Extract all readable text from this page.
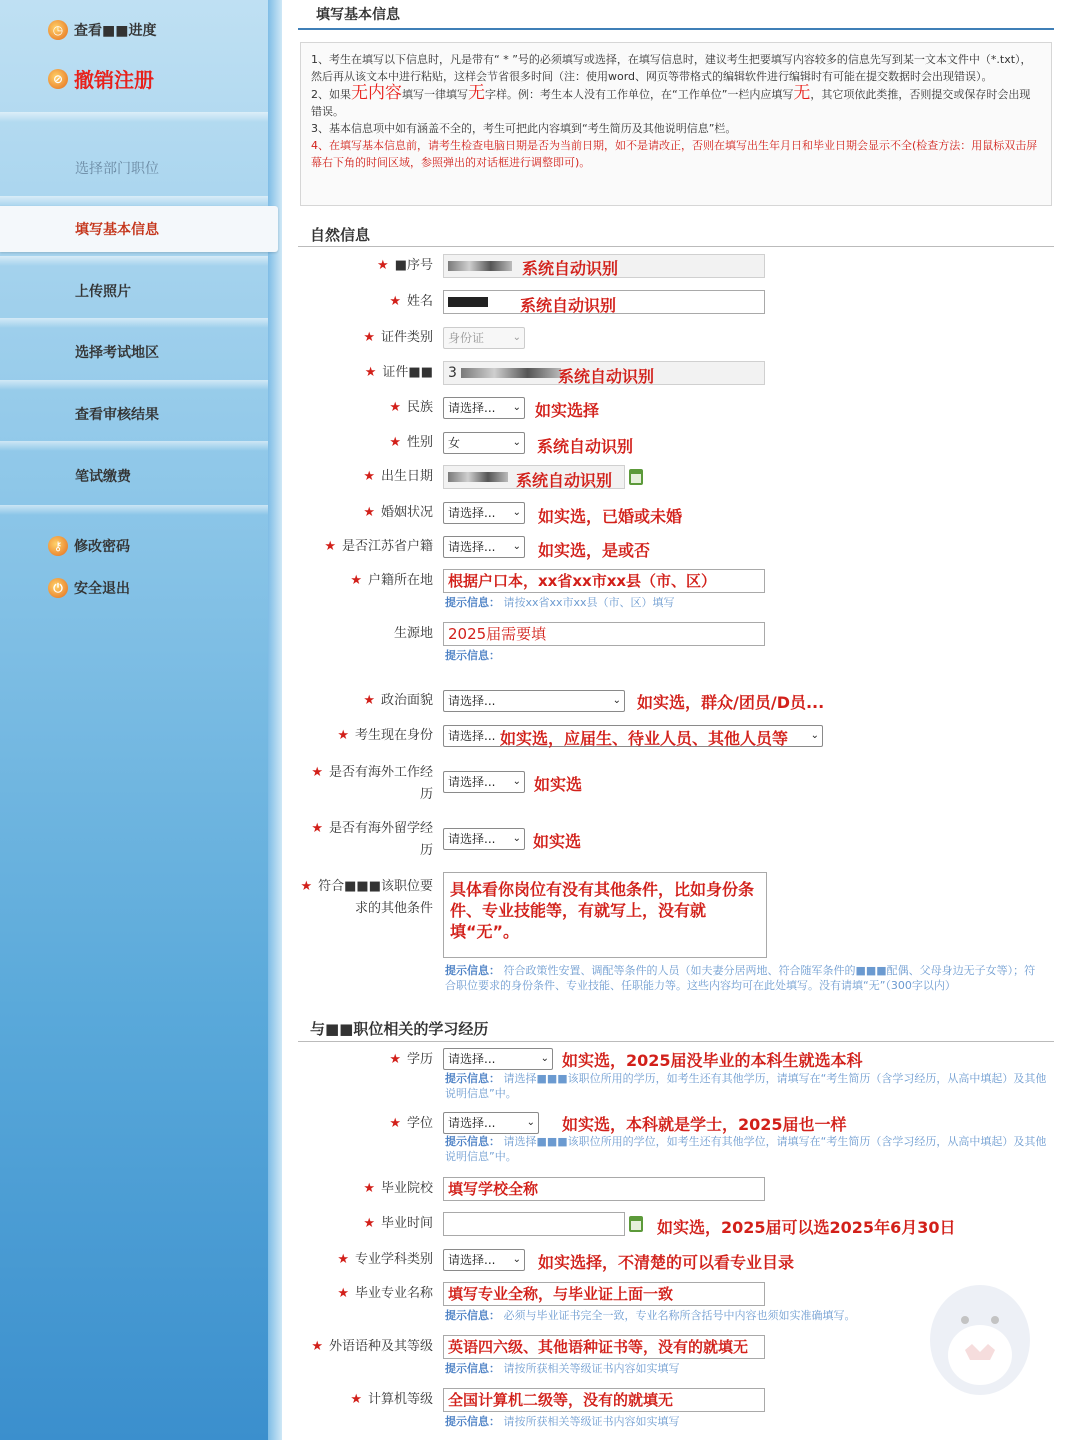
◷ 查看■■进度
⊘ 撤销注册
选择部门职位
填写基本信息
上传照片
选择考试地区
查看审核结果
笔试缴费
⚷ 修改密码
⏻ 安全退出
填写基本信息

1、考生在填写以下信息时，凡是带有“ * ”号的必须填写或选择，在填写信息时，建议考生把要填写内容较多的信息先写到某一文本文件中（*.txt），然后再从该文本中进行粘贴，这样会节省很多时间（注：使用word、网页等带格式的编辑软件进行编辑时有可能在提交数据时会出现错误）。

2、如果无内容填写一律填写无字样。例：考生本人没有工作单位，在“工作单位”一栏内应填写无，其它项依此类推，否则提交或保存时会出现错误。

3、基本信息项中如有涵盖不全的，考生可把此内容填到“考生简历及其他说明信息”栏。

4、在填写基本信息前，请考生检查电脑日期是否为当前日期，如不是请改正，否则在填写出生年月日和毕业日期会显示不全(检查方法：用鼠标双击屏幕右下角的时间区域，参照弹出的对话框进行调整即可)。

自然信息
★ ■序号	系统自动识别
★ 姓名	系统自动识别
★ 证件类别	身份证	⌄
★ 证件■■	3	系统自动识别
★ 民族	请选择... ⌄ 如实选择
★ 性别	女	⌄ 系统自动识别
★ 出生日期	系统自动识别
★ 婚姻状况	请选择... ⌄ 如实选，已婚或未婚
★ 是否江苏省户籍	请选择... ⌄ 如实选，是或否
★ 户籍所在地	根据户口本，xx省xx市xx县（市、区）
提示信息： 请按xx省xx市xx县（市、区）填写
生源地	2025届需要填
提示信息：
★ 政治面貌	请选择...	⌄ 如实选，群众/团员/D员...
★ 考生现在身份	请选择...	⌄
如实选，应届生、待业人员、其他人员等
★ 是否有海外工作经
历
请选择... ⌄ 如实选
★ 是否有海外留学经
历
请选择... ⌄ 如实选
★ 符合■■■该职位要
求的其他条件
具体看你岗位有没有其他条件，比如身份条件、专业技能等，有就写上，没有就填“无”。
提示信息： 符合政策性安置、调配等条件的人员（如夫妻分居两地、符合随军条件的■■■配偶、父母身边无子女等）；符合职位要求的身份条件、专业技能、任职能力等。这些内容均可在此处填写。没有请填“无”（300字以内）
与■■职位相关的学习经历
★ 学历	请选择...	⌄ 如实选，2025届没毕业的本科生就选本科
提示信息： 请选择■■■该职位所用的学历，如考生还有其他学历，请填写在“考生简历（含学习经历，从高中填起）及其他说明信息”中。
★ 学位	请选择...	⌄ 如实选，本科就是学士，2025届也一样
提示信息： 请选择■■■该职位所用的学位，如考生还有其他学位，请填写在“考生简历（含学习经历，从高中填起）及其他说明信息”中。
★ 毕业院校	填写学校全称
★ 毕业时间	如实选，2025届可以选2025年6月30日
★ 专业学科类别	请选择... ⌄ 如实选择，不清楚的可以看专业目录
★ 毕业专业名称	填写专业全称，与毕业证上面一致
提示信息： 必须与毕业证书完全一致，专业名称所含括号中内容也须如实准确填写。
★ 外语语种及其等级	英语四六级、其他语种证书等，没有的就填无
提示信息： 请按所获相关等级证书内容如实填写
★ 计算机等级	全国计算机二级等，没有的就填无
提示信息： 请按所获相关等级证书内容如实填写
